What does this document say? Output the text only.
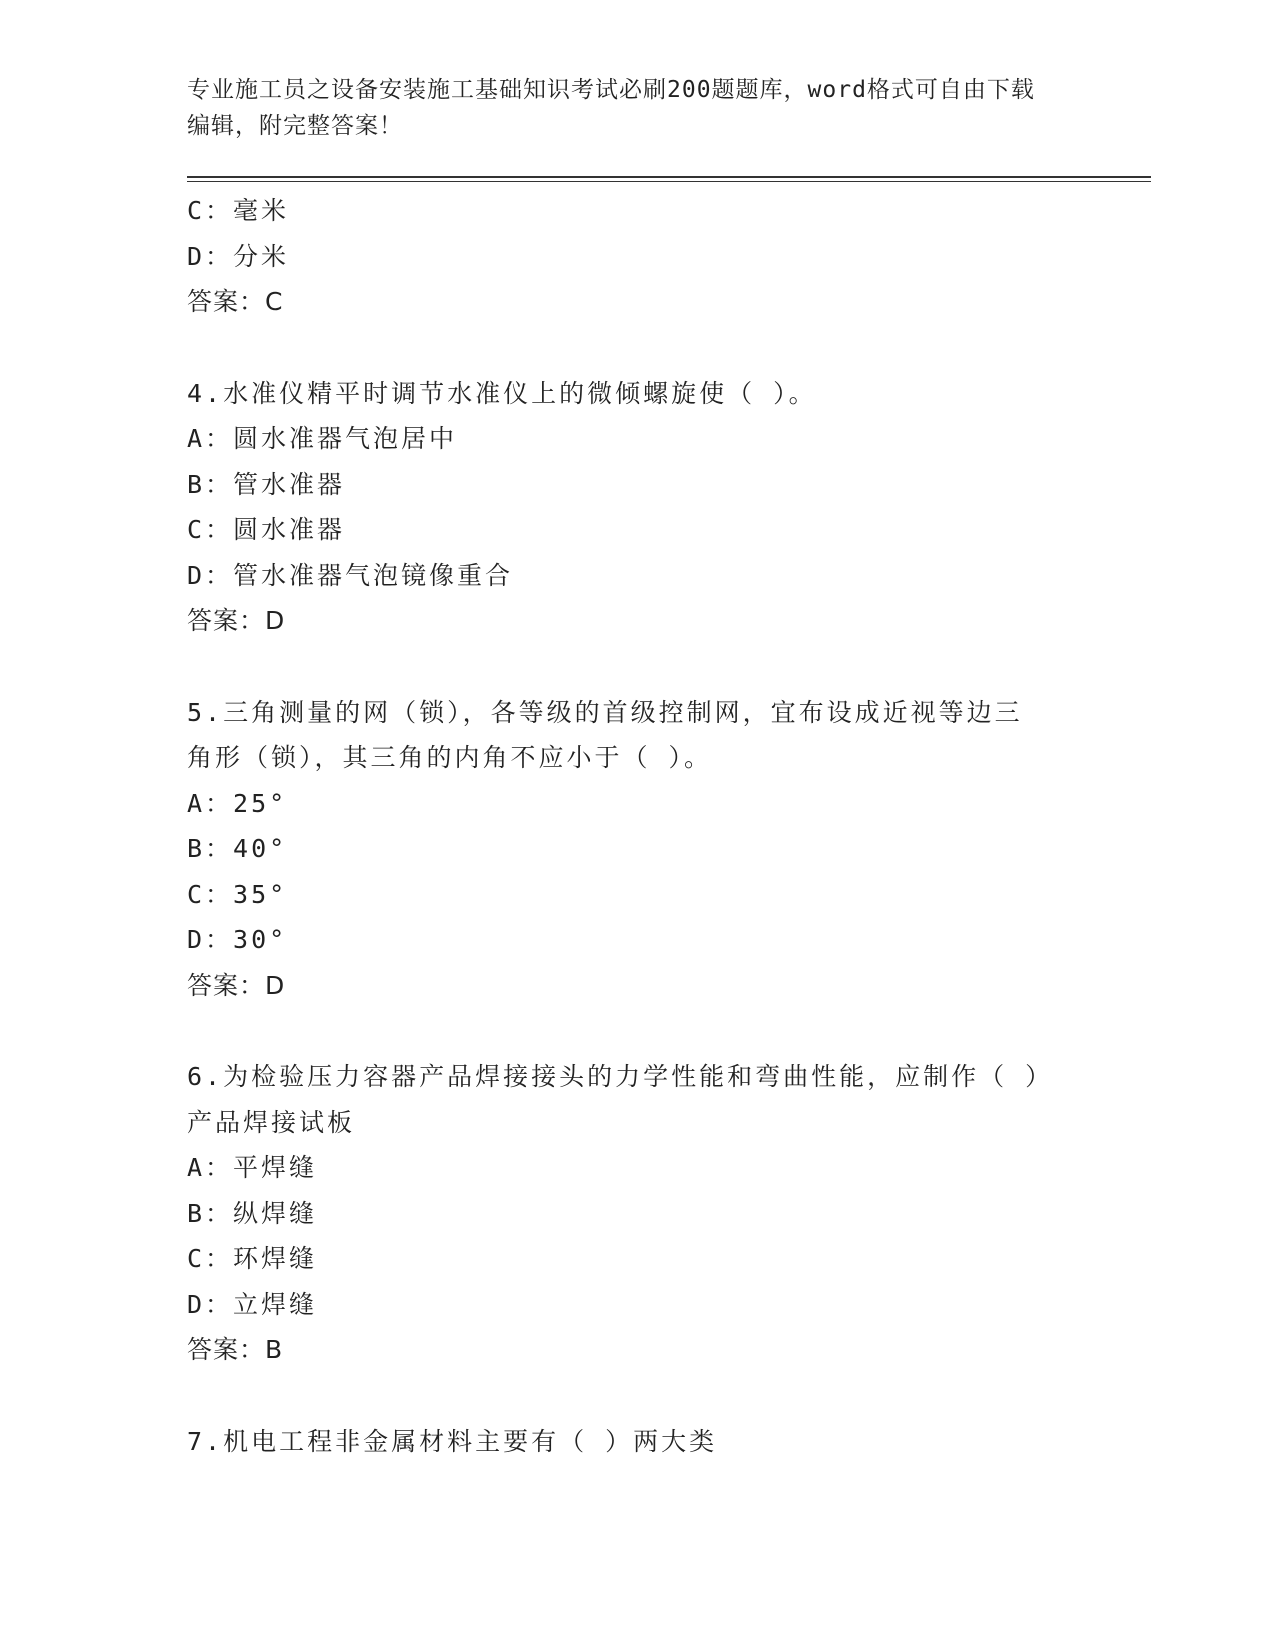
专业施工员之设备安装施工基础知识考试必刷200题题库，word格式可自由下载
编辑，附完整答案！
C：毫米
D：分米
答案：C
4.水准仪精平时调节水准仪上的微倾螺旋使（ ）。
A：圆水准器气泡居中
B：管水准器
C：圆水准器
D：管水准器气泡镜像重合
答案：D
5.三角测量的网（锁），各等级的首级控制网，宜布设成近视等边三
角形（锁），其三角的内角不应小于（ ）。
A：25°
B：40°
C：35°
D：30°
答案：D
6.为检验压力容器产品焊接接头的力学性能和弯曲性能，应制作（ ）
产品焊接试板
A：平焊缝
B：纵焊缝
C：环焊缝
D：立焊缝
答案：B
7.机电工程非金属材料主要有（ ）两大类
